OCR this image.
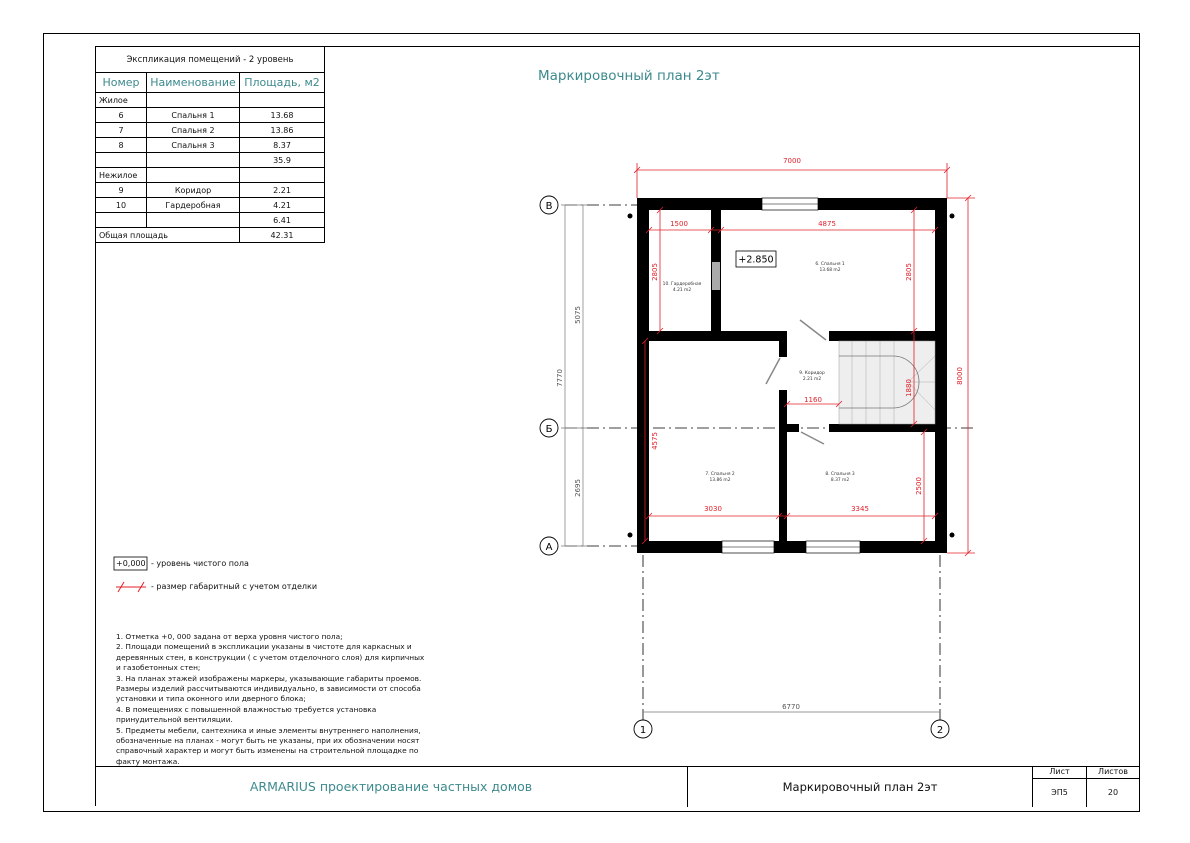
Экспликация помещений - 2 уровень		
Номер	Наименование	Площадь, м2
Жилое		
6	Спальня 1	13.68
7	Спальня 2	13.86
8	Спальня 3	8.37
		35.9
Нежилое		
9	Коридор	2.21
10	Гардеробная	4.21
		6.41
Общая площадь		42.31
Маркировочный план 2эт
В
Б
А
1	2
7770
5075
2695
6770
+2.850
10. Гардеробная
4.21 m2
6. Спальня 1
13.68 m2
9. Коридор
2.21 m2
7. Спальня 2
13.86 m2
8. Спальня 3
8.37 m2
7000
8000
1500	4875
2805	2805
1880
1160
4575
3030	3345
2500
+0,000 - уровень чистого пола
- размер габаритный с учетом отделки
1. Отметка +0, 000 задана от верха уровня чистого пола;
2. Площади помещений в экспликации указаны в чистоте для каркасных и
деревянных стен, в конструкции ( с учетом отделочного слоя) для кирпичных
и газобетонных стен;
3. На планах этажей изображены маркеры, указывающие габариты проемов.
Размеры изделий рассчитываются индивидуально, в зависимости от способа
установки и типа оконного или дверного блока;
4. В помещениях с повышенной влажностью требуется установка
принудительной вентиляции.
5. Предметы мебели, сантехника и иные элементы внутреннего наполнения,
обозначенные на планах - могут быть не указаны, при их обозначении носят
справочный характер и могут быть изменены на строительной площадке по
факту монтажа.
ARMARIUS проектирование частных домов	Маркировочный план 2эт
Лист	Листов
ЭП5	20
